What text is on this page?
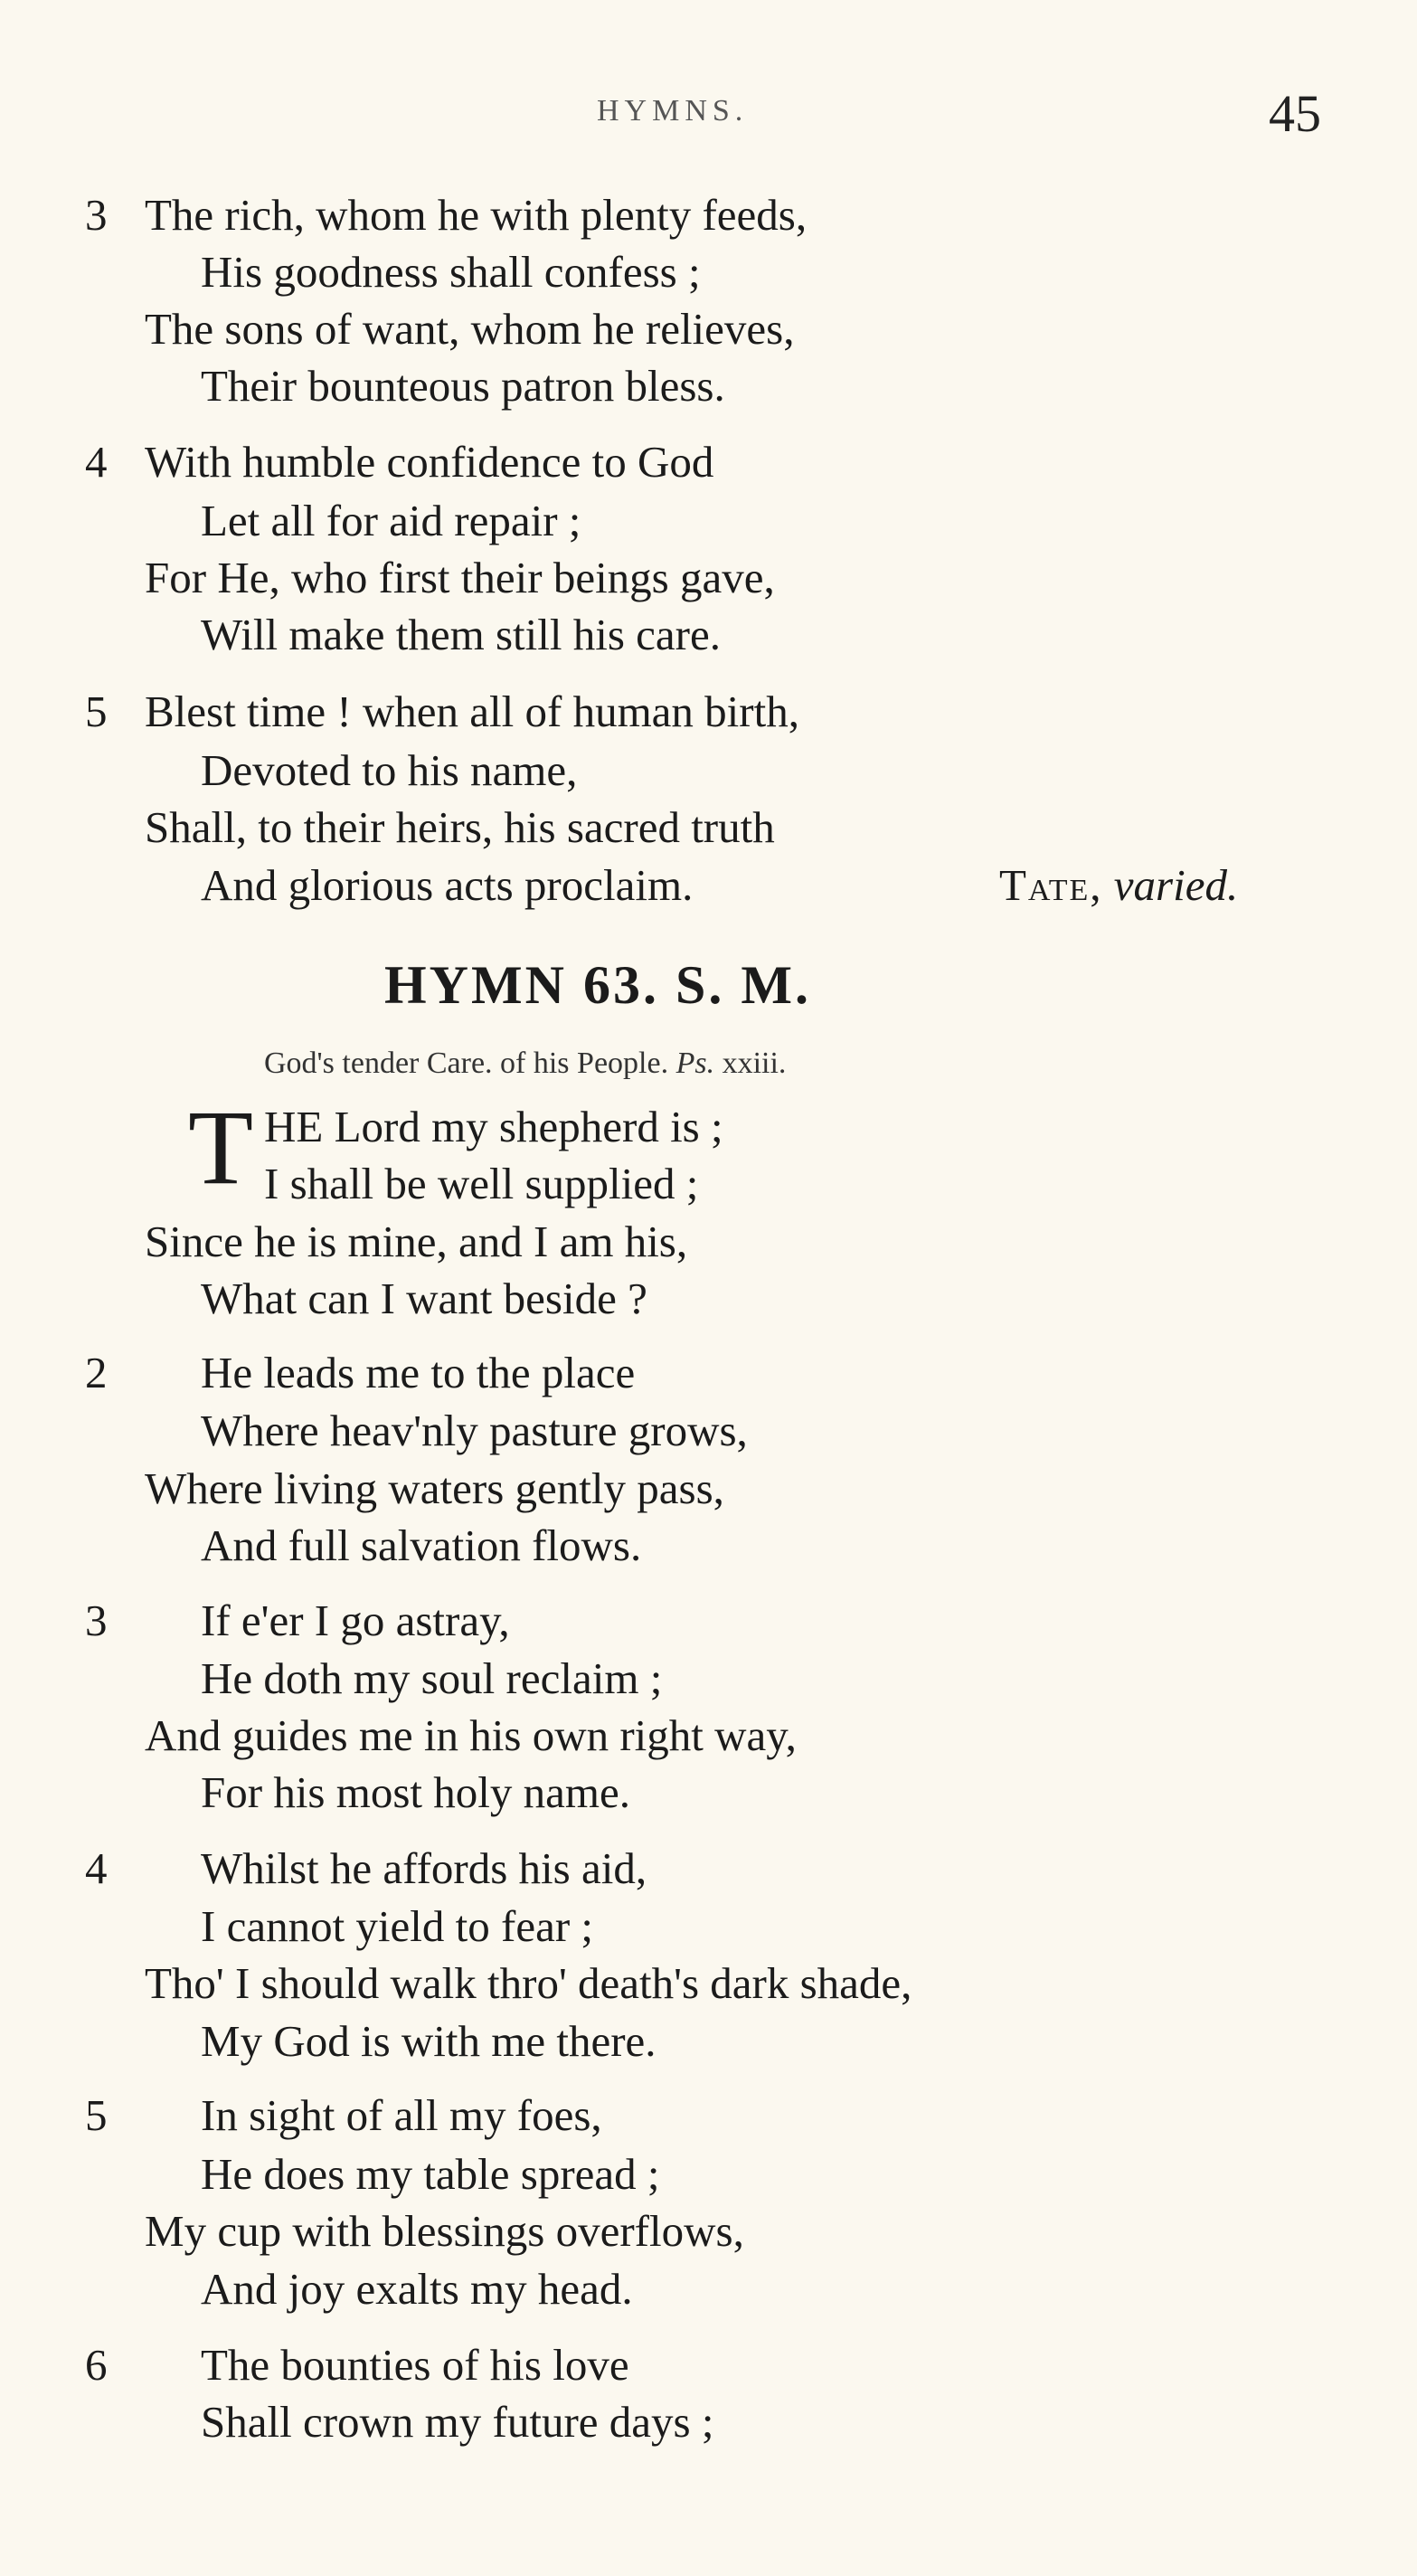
HYMNS.	45
3 The rich, whom he with plenty feeds,
His goodness shall confess ;
The sons of want, whom he relieves,
Their bounteous patron bless.
4 With humble confidence to God
Let all for aid repair ;
For He, who first their beings gave,
Will make them still his care.
5 Blest time ! when all of human birth,
Devoted to his name,
Shall, to their heirs, his sacred truth
And glorious acts proclaim.	Tate, varied.
HYMN 63. S. M.
God's tender Care. of his People. Ps. xxiii.
T HE Lord my shepherd is ;
I shall be well supplied ;
Since he is mine, and I am his,
What can I want beside ?
2 He leads me to the place
Where heav'nly pasture grows,
Where living waters gently pass,
And full salvation flows.
3 If e'er I go astray,
He doth my soul reclaim ;
And guides me in his own right way,
For his most holy name.
4 Whilst he affords his aid,
I cannot yield to fear ;
Tho' I should walk thro' death's dark shade,
My God is with me there.
5 In sight of all my foes,
He does my table spread ;
My cup with blessings overflows,
And joy exalts my head.
6 The bounties of his love
Shall crown my future days ;
